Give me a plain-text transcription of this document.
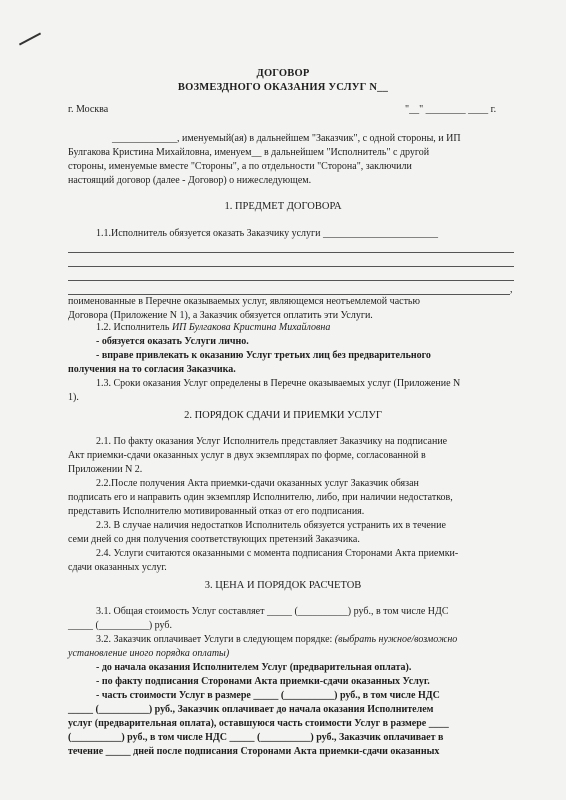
ДОГОВОР
ВОЗМЕЗДНОГО ОКАЗАНИЯ УСЛУГ N__
г. Москва	"__" ________ ____ г.
_____________, именуемый(ая) в дальнейшем "Заказчик", с одной стороны, и ИП
Булгакова Кристина Михайловна, именуем__ в дальнейшем "Исполнитель" с другой
стороны, именуемые вместе "Стороны", а по отдельности "Сторона", заключили
настоящий договор (далее - Договор) о нижеследующем.
1. ПРЕДМЕТ ДОГОВОРА
1.1.Исполнитель обязуется оказать Заказчику услуги _______________________
,
поименованные в Перечне оказываемых услуг, являющемся неотъемлемой частью
Договора (Приложение N 1), а Заказчик обязуется оплатить эти Услуги.
1.2. Исполнитель ИП Булгакова Кристина Михайловна
- обязуется оказать Услуги лично.
- вправе привлекать к оказанию Услуг третьих лиц без предварительного
получения на то согласия Заказчика.
1.3. Сроки оказания Услуг определены в Перечне оказываемых услуг (Приложение N
1).
2. ПОРЯДОК СДАЧИ И ПРИЕМКИ УСЛУГ
2.1. По факту оказания Услуг Исполнитель представляет Заказчику на подписание
Акт приемки-сдачи оказанных услуг в двух экземплярах по форме, согласованной в
Приложении N 2.
2.2.После получения Акта приемки-сдачи оказанных услуг Заказчик обязан
подписать его и направить один экземпляр Исполнителю, либо, при наличии недостатков,
представить Исполнителю мотивированный отказ от его подписания.
2.3. В случае наличия недостатков Исполнитель обязуется устранить их в течение
семи дней со дня получения соответствующих претензий Заказчика.
2.4. Услуги считаются оказанными с момента подписания Сторонами Акта приемки-
сдачи оказанных услуг.
3. ЦЕНА И ПОРЯДОК РАСЧЕТОВ
3.1. Общая стоимость Услуг составляет _____ (__________) руб., в том числе НДС
_____ (__________) руб.
3.2. Заказчик оплачивает Услуги в следующем порядке: (выбрать нужное/возможно
установление иного порядка оплаты)
- до начала оказания Исполнителем Услуг (предварительная оплата).
- по факту подписания Сторонами Акта приемки-сдачи оказанных Услуг.
- часть стоимости Услуг в размере _____ (__________) руб., в том числе НДС
_____ (__________) руб., Заказчик оплачивает до начала оказания Исполнителем
услуг (предварительная оплата), оставшуюся часть стоимости Услуг в размере ____
(__________) руб., в том числе НДС _____ (__________) руб., Заказчик оплачивает в
течение _____ дней после подписания Сторонами Акта приемки-сдачи оказанных
